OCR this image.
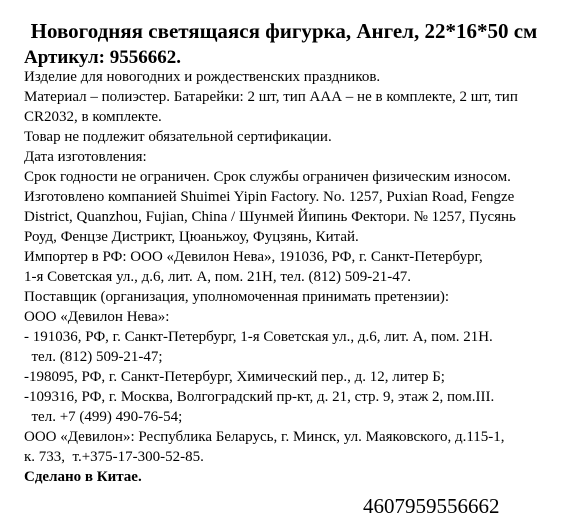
Новогодняя светящаяся фигурка, Ангел, 22*16*50 см
Артикул: 9556662.
Изделие для новогодних и рождественских праздников.
Материал – полиэстер. Батарейки: 2 шт, тип ААА – не в комплекте, 2 шт, тип
CR2032, в комплекте.
Товар не подлежит обязательной сертификации.
Дата изготовления:
Срок годности не ограничен. Срок службы ограничен физическим износом.
Изготовлено компанией Shuimei Yipin Factory. No. 1257, Puxian Road, Fengze
District, Quanzhou, Fujian, China / Шунмей Йипинь Фектори. № 1257, Пусянь
Роуд, Фенцзе Дистрикт, Цюаньжоу, Фуцзянь, Китай.
Импортер в РФ: ООО «Девилон Нева», 191036, РФ, г. Санкт-Петербург,
1-я Советская ул., д.6, лит. А, пом. 21Н, тел. (812) 509-21-47.
Поставщик (организация, уполномоченная принимать претензии):
ООО «Девилон Нева»:
- 191036, РФ, г. Санкт-Петербург, 1-я Советская ул., д.6, лит. А, пом. 21Н.
тел. (812) 509-21-47;
-198095, РФ, г. Санкт-Петербург, Химический пер., д. 12, литер Б;
-109316, РФ, г. Москва, Волгоградский пр-кт, д. 21, стр. 9, этаж 2, пом.III.
тел. +7 (499) 490-76-54;
ООО «Девилон»: Республика Беларусь, г. Минск, ул. Маяковского, д.115-1,
к. 733,  т.+375-17-300-52-85.
Сделано в Китае.
4607959556662
